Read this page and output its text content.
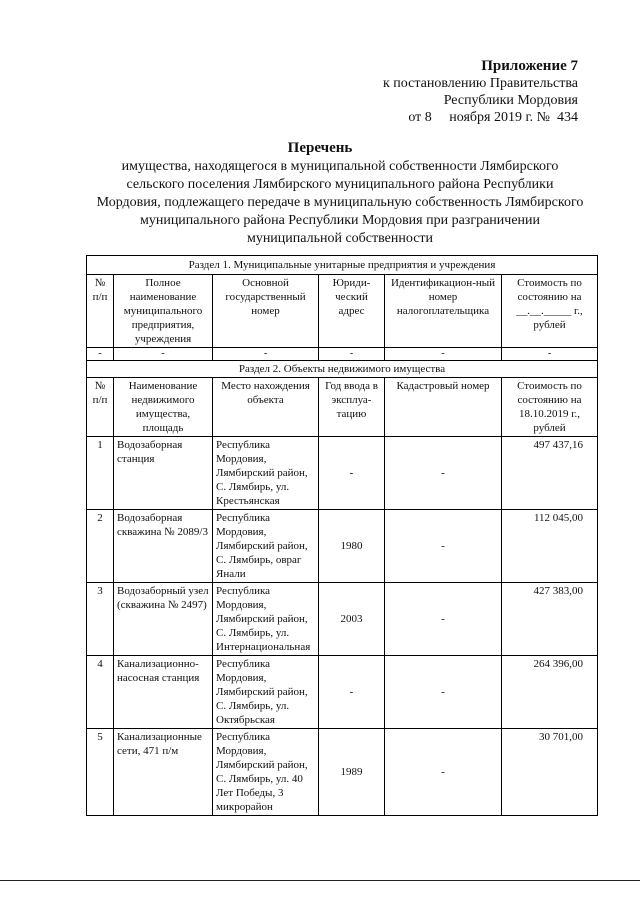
Приложение 7
к постановлению Правительства
Республики Мордовия
от 8     ноября 2019 г. №  434
Перечень
имущества, находящегося в муниципальной собственности Лямбирского сельского поселения Лямбирского муниципального района Республики Мордовия, подлежащего передаче в муниципальную собственность Лямбирского муниципального района Республики Мордовия при разграничении муниципальной собственности
Раздел 1. Муниципальные унитарные предприятия и учреждения					
№ п/п	Полное наименование муниципального предприятия, учреждения	Основной государственный номер	Юриди-ческий адрес	Идентификацион-ный номер налогоплательщика	Стоимость по состоянию на __.__._____ г., рублей
-	-	-	-	-	-
Раздел 2. Объекты недвижимого имущества					
№ п/п	Наименование недвижимого имущества, площадь	Место нахождения объекта	Год ввода в эксплуа-тацию	Кадастровый номер	Стоимость по состоянию на 18.10.2019 г., рублей
1	Водозаборная станция	Республика Мордовия, Лямбирский район, С. Лямбирь, ул. Крестьянская	-	-	497 437,16
2	Водозаборная скважина № 2089/3	Республика Мордовия, Лямбирский район, С. Лямбирь, овраг Янали	1980	-	112 045,00
3	Водозаборный узел (скважина № 2497)	Республика Мордовия, Лямбирский район, С. Лямбирь, ул. Интернациональная	2003	-	427 383,00
4	Канализационно-насосная станция	Республика Мордовия, Лямбирский район, С. Лямбирь, ул. Октябрьская	-	-	264 396,00
5	Канализационные сети, 471 п/м	Республика Мордовия, Лямбирский район, С. Лямбирь, ул. 40 Лет Победы, 3 микрорайон	1989	-	30 701,00
